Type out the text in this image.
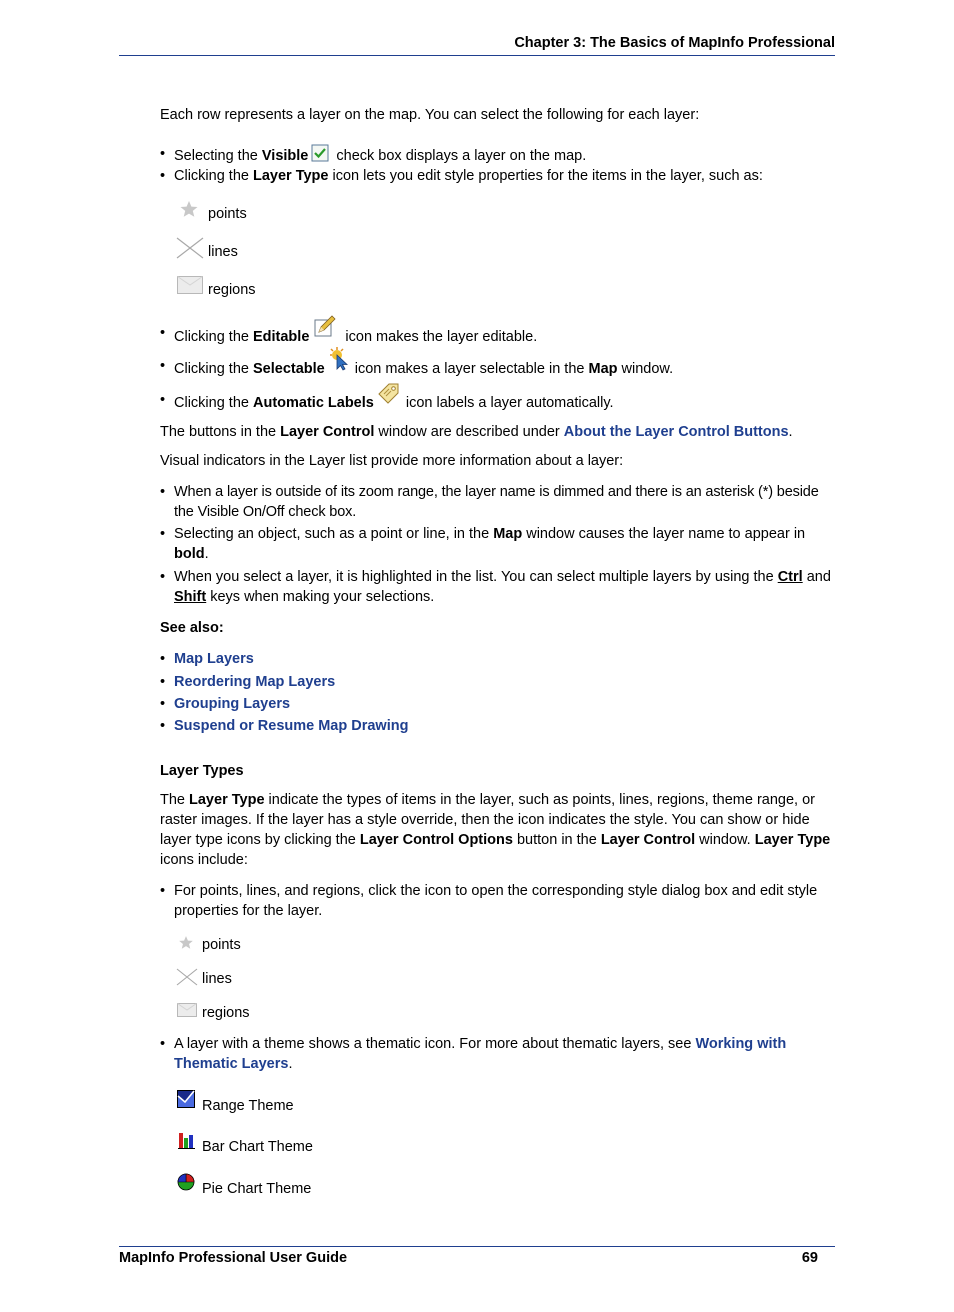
Chapter 3: The Basics of MapInfo Professional
Each row represents a layer on the map. You can select the following for each layer:
• Selecting the Visible check box displays a layer on the map.
• Clicking the Layer Type icon lets you edit style properties for the items in the layer, such as:
points
lines
regions
• Clicking the Editable
icon makes the layer editable.
• Clicking the Selectable
icon makes a layer selectable in the Map window.
• Clicking the Automatic Labels
icon labels a layer automatically.
The buttons in the Layer Control window are described under About the Layer Control Buttons.
Visual indicators in the Layer list provide more information about a layer:
• When a layer is outside of its zoom range, the layer name is dimmed and there is an asterisk (*) beside the Visible On/Off check box.
• Selecting an object, such as a point or line, in the Map window causes the layer name to appear in bold.
• When you select a layer, it is highlighted in the list. You can select multiple layers by using the Ctrl and Shift keys when making your selections.
See also:
• Map Layers
• Reordering Map Layers
• Grouping Layers
• Suspend or Resume Map Drawing
Layer Types
The Layer Type indicate the types of items in the layer, such as points, lines, regions, theme range, or raster images. If the layer has a style override, then the icon indicates the style. You can show or hide layer type icons by clicking the Layer Control Options button in the Layer Control window. Layer Type icons include:
• For points, lines, and regions, click the icon to open the corresponding style dialog box and edit style properties for the layer.
points
lines
regions
• A layer with a theme shows a thematic icon. For more about thematic layers, see Working with Thematic Layers.
Range Theme
Bar Chart Theme
Pie Chart Theme
MapInfo Professional User Guide	69
